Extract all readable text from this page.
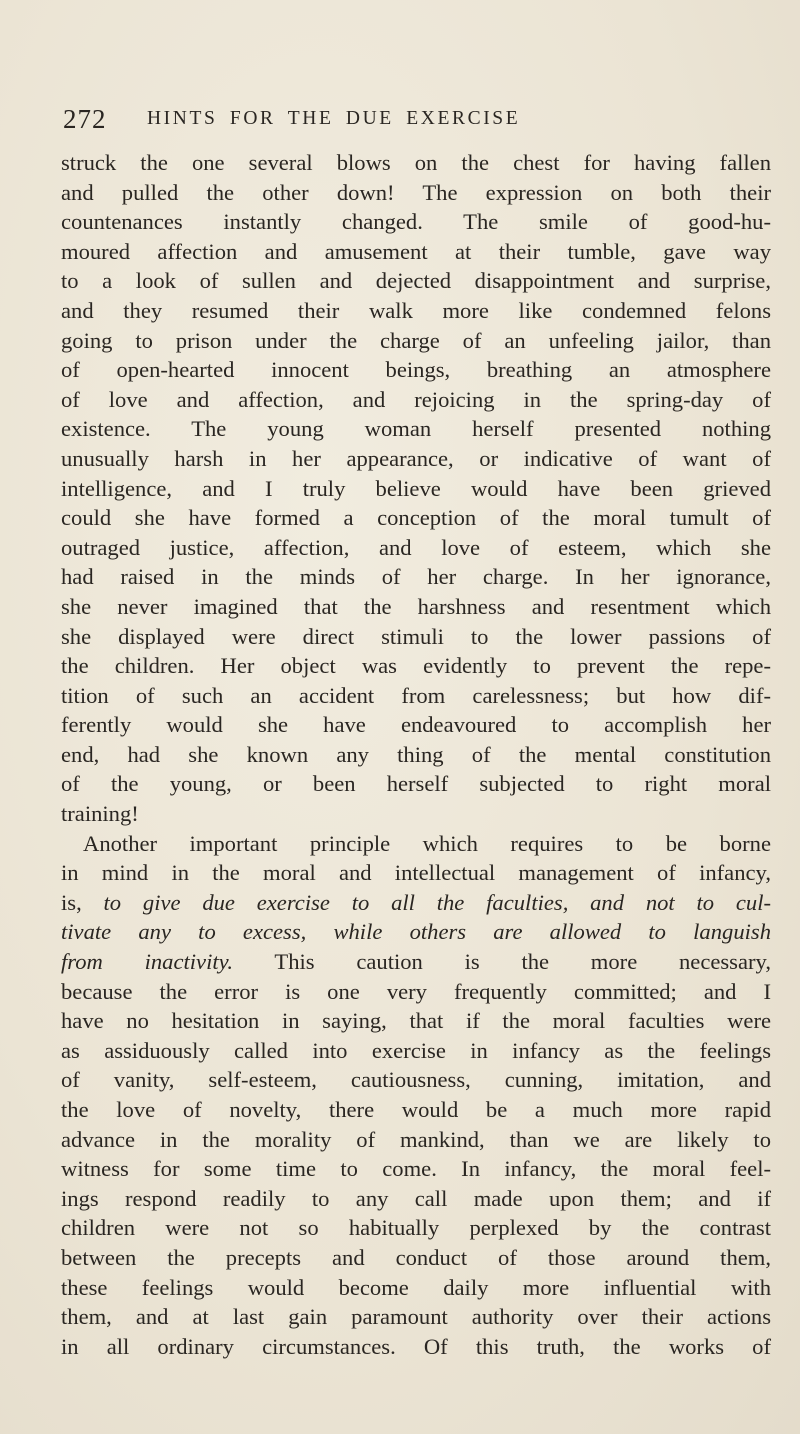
272 HINTS FOR THE DUE EXERCISE
struck the one several blows on the chest for having fallen
and pulled the other down! The expression on both their
countenances instantly changed. The smile of good-hu-
moured affection and amusement at their tumble, gave way
to a look of sullen and dejected disappointment and surprise,
and they resumed their walk more like condemned felons
going to prison under the charge of an unfeeling jailor, than
of open-hearted innocent beings, breathing an atmosphere
of love and affection, and rejoicing in the spring-day of
existence. The young woman herself presented nothing
unusually harsh in her appearance, or indicative of want of
intelligence, and I truly believe would have been grieved
could she have formed a conception of the moral tumult of
outraged justice, affection, and love of esteem, which she
had raised in the minds of her charge. In her ignorance,
she never imagined that the harshness and resentment which
she displayed were direct stimuli to the lower passions of
the children. Her object was evidently to prevent the repe-
tition of such an accident from carelessness; but how dif-
ferently would she have endeavoured to accomplish her
end, had she known any thing of the mental constitution
of the young, or been herself subjected to right moral
training!
Another important principle which requires to be borne
in mind in the moral and intellectual management of infancy,
is, to give due exercise to all the faculties, and not to cul-
tivate any to excess, while others are allowed to languish
from inactivity. This caution is the more necessary,
because the error is one very frequently committed; and I
have no hesitation in saying, that if the moral faculties were
as assiduously called into exercise in infancy as the feelings
of vanity, self-esteem, cautiousness, cunning, imitation, and
the love of novelty, there would be a much more rapid
advance in the morality of mankind, than we are likely to
witness for some time to come. In infancy, the moral feel-
ings respond readily to any call made upon them; and if
children were not so habitually perplexed by the contrast
between the precepts and conduct of those around them,
these feelings would become daily more influential with
them, and at last gain paramount authority over their actions
in all ordinary circumstances. Of this truth, the works of
